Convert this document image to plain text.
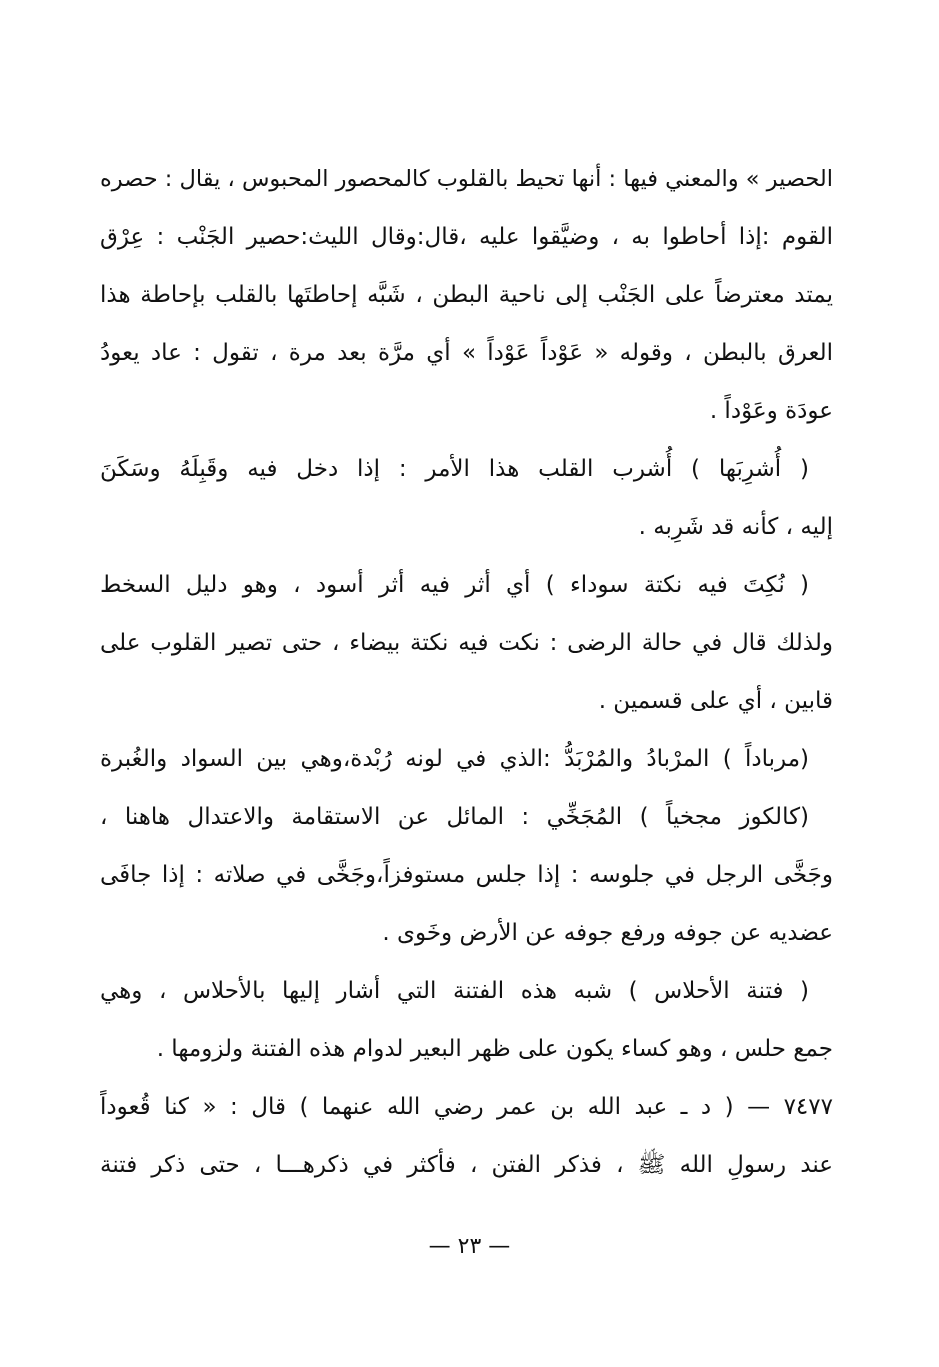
الحصير » والمعني فيها : أنها تحيط بالقلوب كالمحصور المحبوس ، يقال : حصره
القوم :إذا أحاطوا به ، وضيَّقوا عليه ،قال:وقال الليث:حصير الجَنْب : عِرْق
يمتد معترضاً على الجَنْب إلى ناحية البطن ، شَبَّه إحاطتَها بالقلب بإحاطة هذا
العرق بالبطن ، وقوله « عَوْداً عَوْداً » أي مرَّة بعد مرة ، تقول : عاد يعودُ
عودَة وعَوْداً .
( أُشرِبَها ) أُشرب القلب هذا الأمر : إذا دخل فيه وقَبِلَهُ وسَكَنَ
إليه ، كأنه قد شَرِبه .
( نُكِتَ فيه نكتة سوداء ) أي أثر فيه أثر أسود ، وهو دليل السخط
ولذلك قال في حالة الرضى : نكت فيه نكتة بيضاء ، حتى تصير القلوب على
قابين ، أي على قسمين .
(مرباداً ) المرْبادُ والمُرْبَدُّ :الذي في لونه رُبْدة،وهي بين السواد والغُبرة
(كالكوز مجخياً ) المُجَخِّي : المائل عن الاستقامة والاعتدال هاهنا ،
وجَخَّى الرجل في جلوسه : إذا جلس مستوفزاً،وجَخَّى في صلاته : إذا جافَى
عضديه عن جوفه ورفع جوفه عن الأرض وخَوى .
( فتنة الأحلاس ) شبه هذه الفتنة التي أشار إليها بالأحلاس ، وهي
جمع حلس ، وهو كساء يكون على ظهر البعير لدوام هذه الفتنة ولزومها .
٧٤٧٧ — ( د ـ عبد الله بن عمر رضي الله عنهما ) قال : « كنا قُعوداً
عند رسولِ الله ﷺ ، فذكر الفتن ، فأكثر في ذكرهـــا ، حتى ذكر فتنة
— ٢٣ —
